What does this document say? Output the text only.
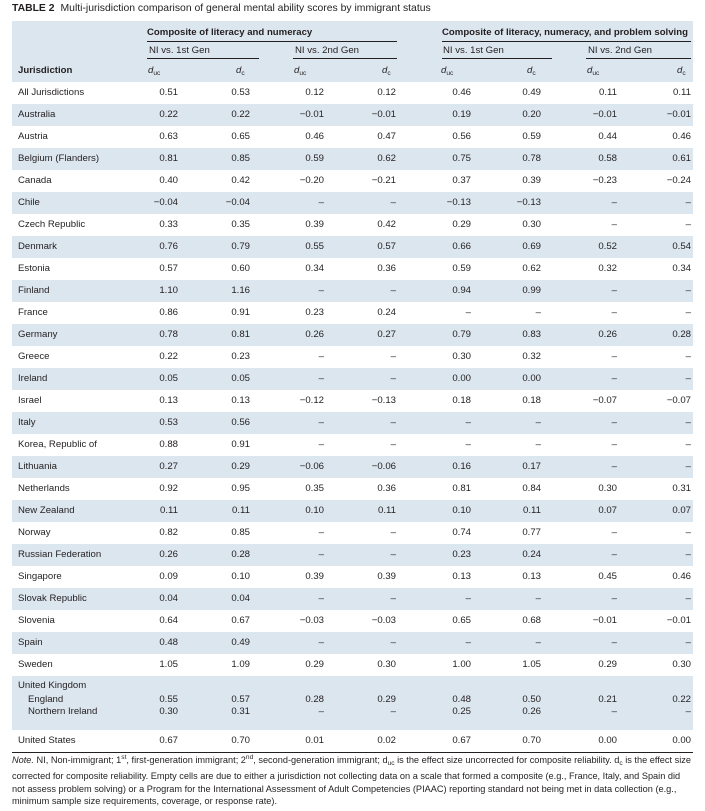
TABLE 2 Multi-jurisdiction comparison of general mental ability scores by immigrant status
Composite of literacy and numeracy	Composite of literacy, numeracy, and problem solving
NI vs. 1st Gen	NI vs. 2nd Gen	NI vs. 1st Gen	NI vs. 2nd Gen
Jurisdiction	$d_{uc}$	$d_c$	$d_{uc}$	$d_c$	$d_{uc}$	$d_c$	$d_{uc}$	$d_c$
All Jurisdictions	0.51	0.53	0.12	0.12	0.46	0.49	0.11	0.11
Australia	0.22	0.22	−0.01	−0.01	0.19	0.20	−0.01	−0.01
Austria	0.63	0.65	0.46	0.47	0.56	0.59	0.44	0.46
Belgium (Flanders)	0.81	0.85	0.59	0.62	0.75	0.78	0.58	0.61
Canada	0.40	0.42	−0.20	−0.21	0.37	0.39	−0.23	−0.24
Chile	−0.04	−0.04	–	–	−0.13	−0.13	–	–
Czech Republic	0.33	0.35	0.39	0.42	0.29	0.30	–	–
Denmark	0.76	0.79	0.55	0.57	0.66	0.69	0.52	0.54
Estonia	0.57	0.60	0.34	0.36	0.59	0.62	0.32	0.34
Finland	1.10	1.16	–	–	0.94	0.99	–	–
France	0.86	0.91	0.23	0.24	–	–	–	–
Germany	0.78	0.81	0.26	0.27	0.79	0.83	0.26	0.28
Greece	0.22	0.23	–	–	0.30	0.32	–	–
Ireland	0.05	0.05	–	–	0.00	0.00	–	–
Israel	0.13	0.13	−0.12	−0.13	0.18	0.18	−0.07	−0.07
Italy	0.53	0.56	–	–	–	–	–	–
Korea, Republic of	0.88	0.91	–	–	–	–	–	–
Lithuania	0.27	0.29	−0.06	−0.06	0.16	0.17	–	–
Netherlands	0.92	0.95	0.35	0.36	0.81	0.84	0.30	0.31
New Zealand	0.11	0.11	0.10	0.11	0.10	0.11	0.07	0.07
Norway	0.82	0.85	–	–	0.74	0.77	–	–
Russian Federation	0.26	0.28	–	–	0.23	0.24	–	–
Singapore	0.09	0.10	0.39	0.39	0.13	0.13	0.45	0.46
Slovak Republic	0.04	0.04	–	–	–	–	–	–
Slovenia	0.64	0.67	−0.03	−0.03	0.65	0.68	−0.01	−0.01
Spain	0.48	0.49	–	–	–	–	–	–
Sweden	1.05	1.09	0.29	0.30	1.00	1.05	0.29	0.30
United Kingdom
England	0.55	0.57	0.28	0.29	0.48	0.50	0.21	0.22
Northern Ireland	0.30	0.31	–	–	0.25	0.26	–	–
United States	0.67	0.70	0.01	0.02	0.67	0.70	0.00	0.00
Note. NI, Non-immigrant; 1st, first-generation immigrant; 2nd, second-generation immigrant; $d_{uc}$ is the effect size uncorrected for composite reliability. $d_c$ is the effect size corrected for composite reliability. Empty cells are due to either a jurisdiction not collecting data on a scale that formed a composite (e.g., France, Italy, and Spain did not assess problem solving) or a Program for the International Assessment of Adult Competencies (PIAAC) reporting standard not being met in data collection (e.g., minimum sample size requirements, coverage, or response rate).
